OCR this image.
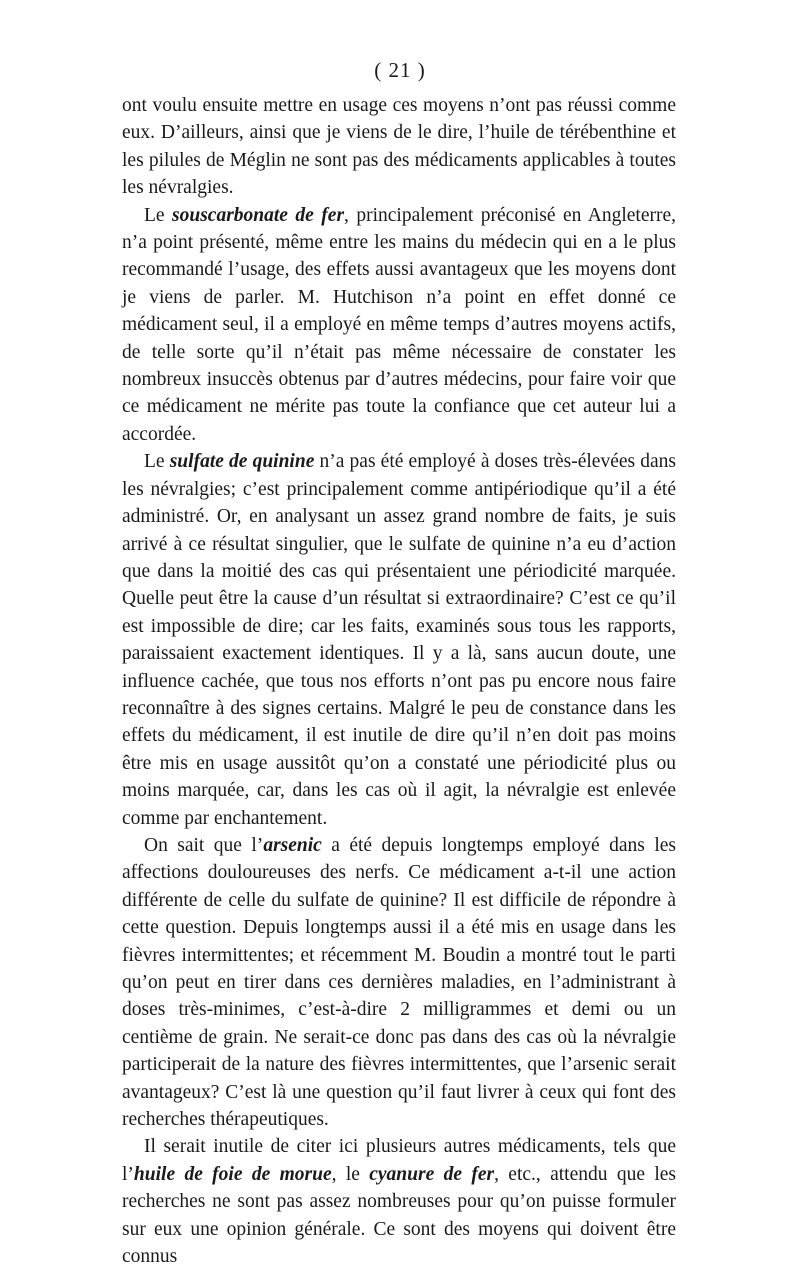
( 21 )

ont voulu ensuite mettre en usage ces moyens n’ont pas réussi comme eux. D’ailleurs, ainsi que je viens de le dire, l’huile de térébenthine et les pilules de Méglin ne sont pas des médicaments applicables à toutes les névralgies.

Le souscarbonate de fer, principalement préconisé en Angleterre, n’a point présenté, même entre les mains du médecin qui en a le plus recommandé l’usage, des effets aussi avantageux que les moyens dont je viens de parler. M. Hutchison n’a point en effet donné ce médicament seul, il a employé en même temps d’autres moyens actifs, de telle sorte qu’il n’était pas même nécessaire de constater les nombreux insuccès obtenus par d’autres médecins, pour faire voir que ce médicament ne mérite pas toute la confiance que cet auteur lui a accordée.

Le sulfate de quinine n’a pas été employé à doses très-élevées dans les névralgies; c’est principalement comme antipériodique qu’il a été administré. Or, en analysant un assez grand nombre de faits, je suis arrivé à ce résultat singulier, que le sulfate de quinine n’a eu d’action que dans la moitié des cas qui présentaient une périodicité marquée. Quelle peut être la cause d’un résultat si extraordinaire? C’est ce qu’il est impossible de dire; car les faits, examinés sous tous les rapports, paraissaient exactement identiques. Il y a là, sans aucun doute, une influence cachée, que tous nos efforts n’ont pas pu encore nous faire reconnaître à des signes certains. Malgré le peu de constance dans les effets du médicament, il est inutile de dire qu’il n’en doit pas moins être mis en usage aussitôt qu’on a constaté une périodicité plus ou moins marquée, car, dans les cas où il agit, la névralgie est enlevée comme par enchantement.

On sait que l’arsenic a été depuis longtemps employé dans les affections douloureuses des nerfs. Ce médicament a-t-il une action différente de celle du sulfate de quinine? Il est difficile de répondre à cette question. Depuis longtemps aussi il a été mis en usage dans les fièvres intermittentes; et récemment M. Boudin a montré tout le parti qu’on peut en tirer dans ces dernières maladies, en l’administrant à doses très-minimes, c’est-à-dire 2 milligrammes et demi ou un centième de grain. Ne serait-ce donc pas dans des cas où la névralgie participerait de la nature des fièvres intermittentes, que l’arsenic serait avantageux? C’est là une question qu’il faut livrer à ceux qui font des recherches thérapeutiques.

Il serait inutile de citer ici plusieurs autres médicaments, tels que l’huile de foie de morue, le cyanure de fer, etc., attendu que les recherches ne sont pas assez nombreuses pour qu’on puisse formuler sur eux une opinion générale. Ce sont des moyens qui doivent être connus
